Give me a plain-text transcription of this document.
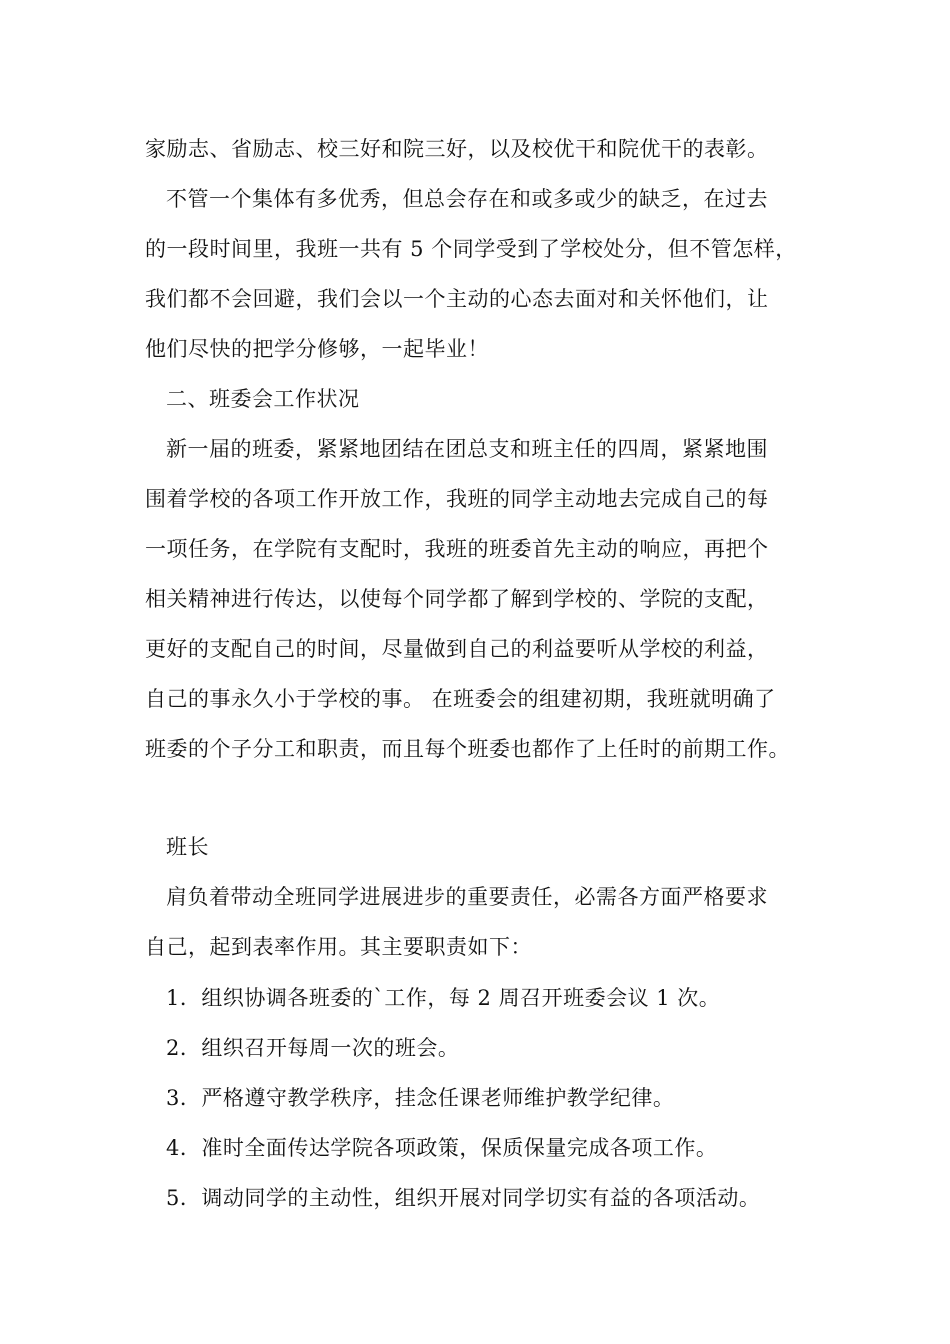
家励志、省励志、校三好和院三好，以及校优干和院优干的表彰。
不管一个集体有多优秀，但总会存在和或多或少的缺乏，在过去
的一段时间里，我班一共有 5 个同学受到了学校处分，但不管怎样，
我们都不会回避，我们会以一个主动的心态去面对和关怀他们，让
他们尽快的把学分修够，一起毕业！
二、班委会工作状况
新一届的班委，紧紧地团结在团总支和班主任的四周，紧紧地围
围着学校的各项工作开放工作，我班的同学主动地去完成自己的每
一项任务，在学院有支配时，我班的班委首先主动的响应，再把个
相关精神进行传达，以使每个同学都了解到学校的、学院的支配，
更好的支配自己的时间，尽量做到自己的利益要听从学校的利益，
自己的事永久小于学校的事。 在班委会的组建初期，我班就明确了
班委的个子分工和职责，而且每个班委也都作了上任时的前期工作。
班长
肩负着带动全班同学进展进步的重要责任，必需各方面严格要求
自己，起到表率作用。其主要职责如下：
1．组织协调各班委的`工作，每 2 周召开班委会议 1 次。
2．组织召开每周一次的班会。
3．严格遵守教学秩序，挂念任课老师维护教学纪律。
4．准时全面传达学院各项政策，保质保量完成各项工作。
5．调动同学的主动性，组织开展对同学切实有益的各项活动。
